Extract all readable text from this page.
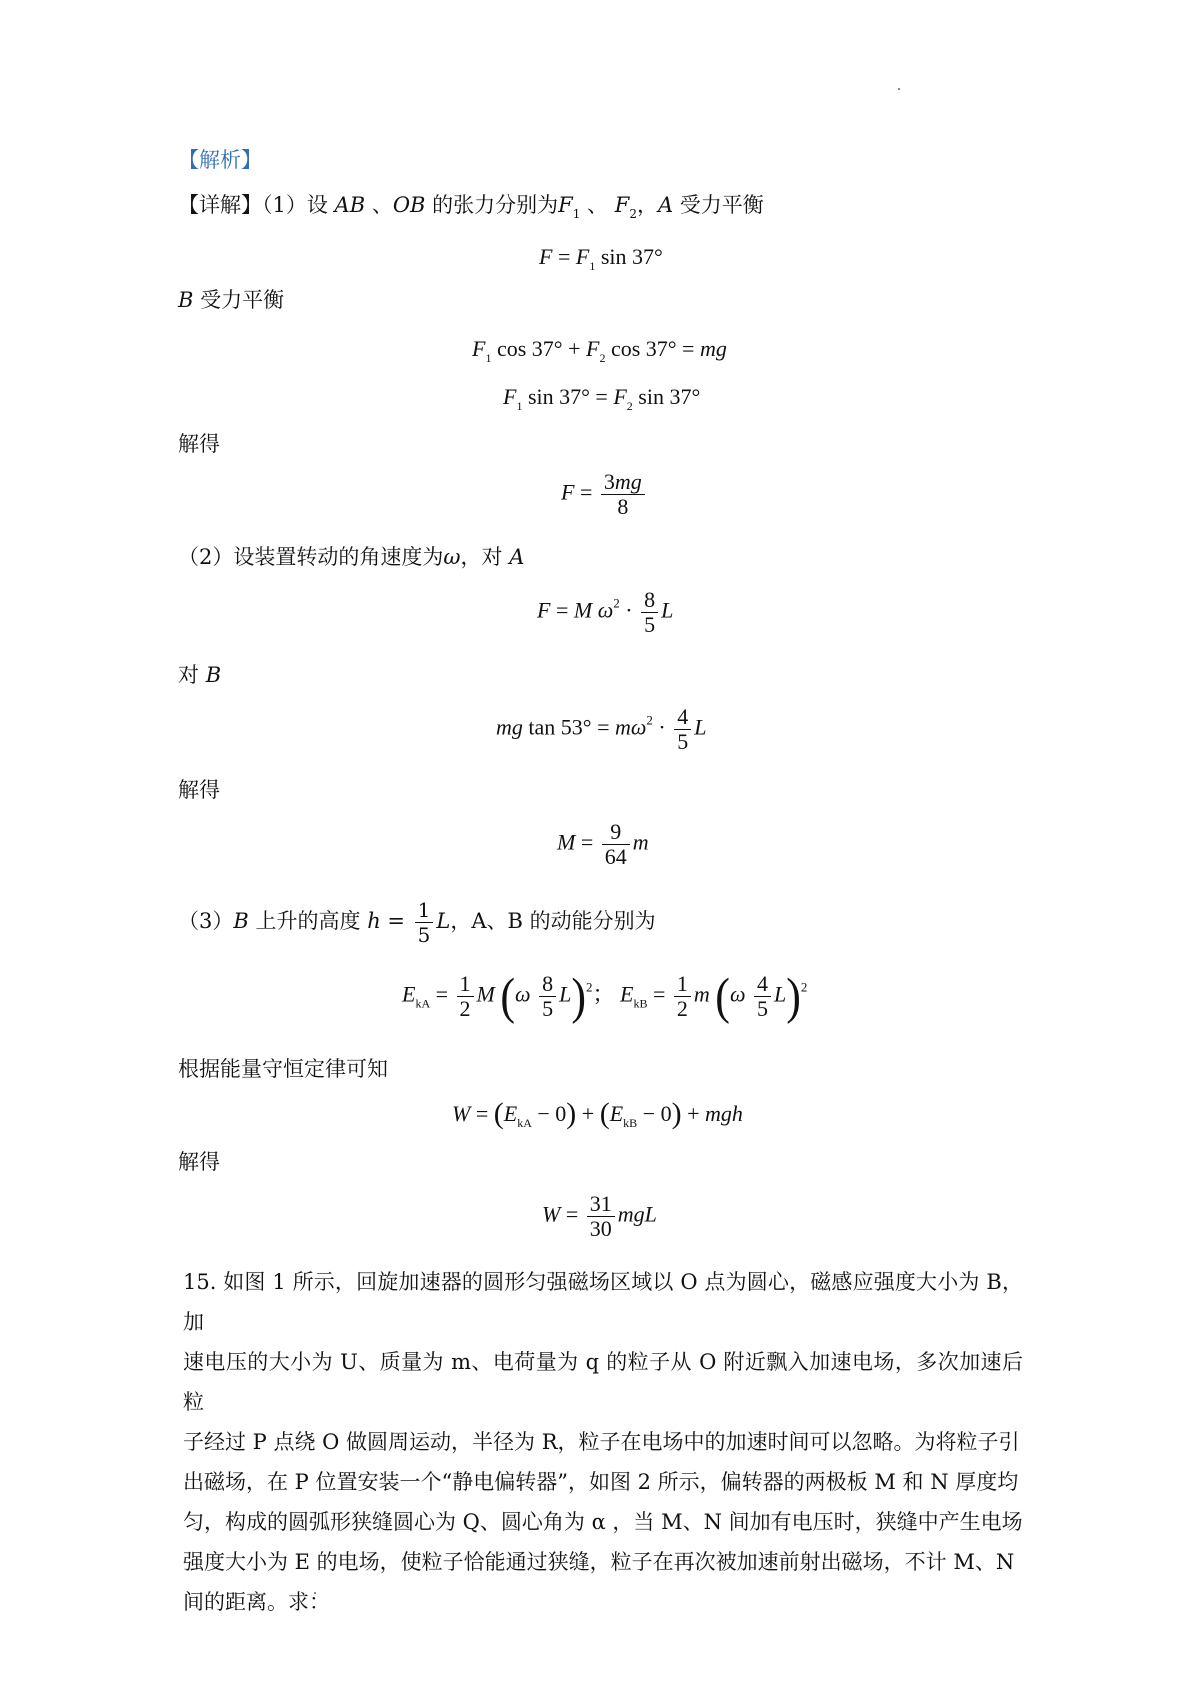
【解析】
【详解】（1）设 AB 、OB 的张力分别为$F_1$ 、 $F_2$，A 受力平衡
$F = F_1$ sin 37°
B 受力平衡
$F_1$ $\cos 37^\circ + F_2$ cos 37° = mg
$F_1$ $\sin 37^\circ = F_2$ sin 37°
解得
$F = \frac{3mg}{8}$
（2）设装置转动的角速度为ω，对 A
F = M $\omega^2 \cdot \frac{8}{5}$ L
对 B
mg $\tan 53^\circ = m\omega^2 \cdot \frac{4}{5}$ L
解得
$M = \frac{9}{64}$ m
（3）B 上升的高度 $h = \frac{1}{5}$ L，A、B 的动能分别为
$E_{kA} = \frac{1}{2}$ M $(\omega \frac{8}{5} L)^2$； $E_{kB} = \frac{1}{2}$ m $(\omega \frac{4}{5} L)^2$
根据能量守恒定律可知
$W = (E_{kA} - 0) + (E_{kB} - 0)$ + mgh
解得
$W = \frac{31}{30}$ mgL
15. 如图 1 所示，回旋加速器的圆形匀强磁场区域以 O 点为圆心，磁感应强度大小为 B，加
速电压的大小为 U、质量为 m、电荷量为 q 的粒子从 O 附近飘入加速电场，多次加速后粒
子经过 P 点绕 O 做圆周运动，半径为 R，粒子在电场中的加速时间可以忽略。为将粒子引
出磁场，在 P 位置安装一个“静电偏转器”，如图 2 所示，偏转器的两极板 M 和 N 厚度均
匀，构成的圆弧形狭缝圆心为 Q、圆心角为 α ，当 M、N 间加有电压时，狭缝中产生电场
强度大小为 E 的电场，使粒子恰能通过狭缝，粒子在再次被加速前射出磁场，不计 M、N
间的距离。求：
